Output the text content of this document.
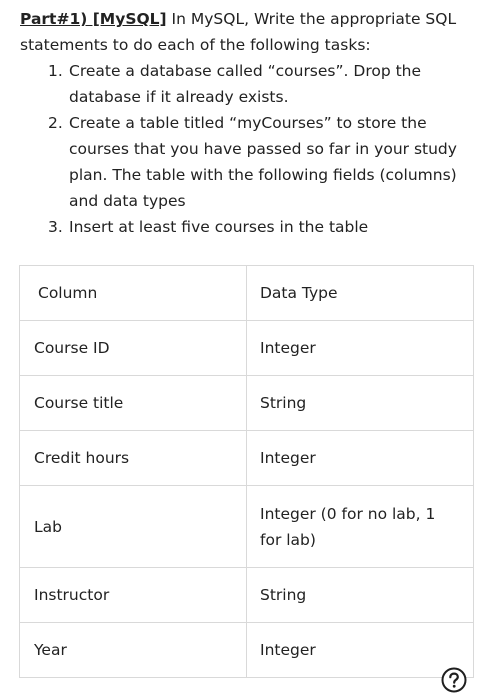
Part#1) [MySQL] In MySQL, Write the appropriate SQL statements to do each of the following tasks:
1. Create a database called “courses”. Drop the database if it already exists.
2. Create a table titled “myCourses” to store the courses that you have passed so far in your study plan. The table with the following fields (columns) and data types
3. Insert at least five courses in the table
Column	Data Type
Course ID	Integer
Course title	String
Credit hours	Integer
Lab	Integer (0 for no lab, 1 for lab)
Instructor	String
Year	Integer
